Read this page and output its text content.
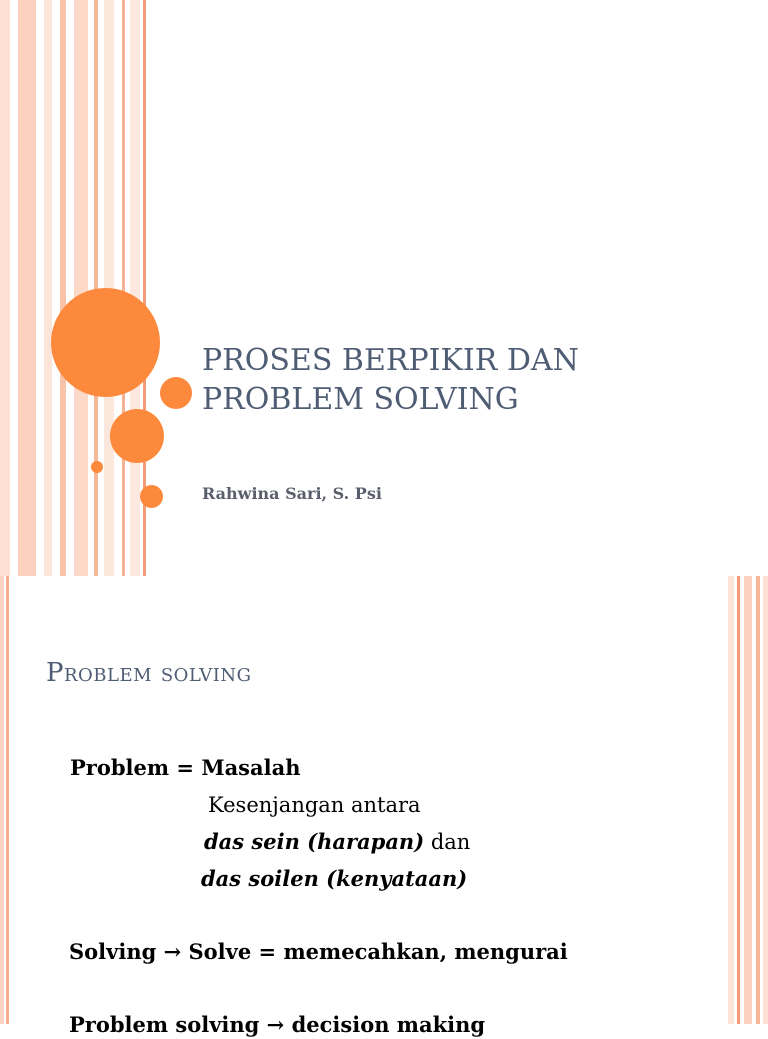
PROSES BERPIKIR DAN
PROBLEM SOLVING
Rahwina Sari, S. Psi
Problem solving
Problem = Masalah
Kesenjangan antara
das sein (harapan) dan
das soilen (kenyataan)
Solving → Solve = memecahkan, mengurai
Problem solving → decision making
